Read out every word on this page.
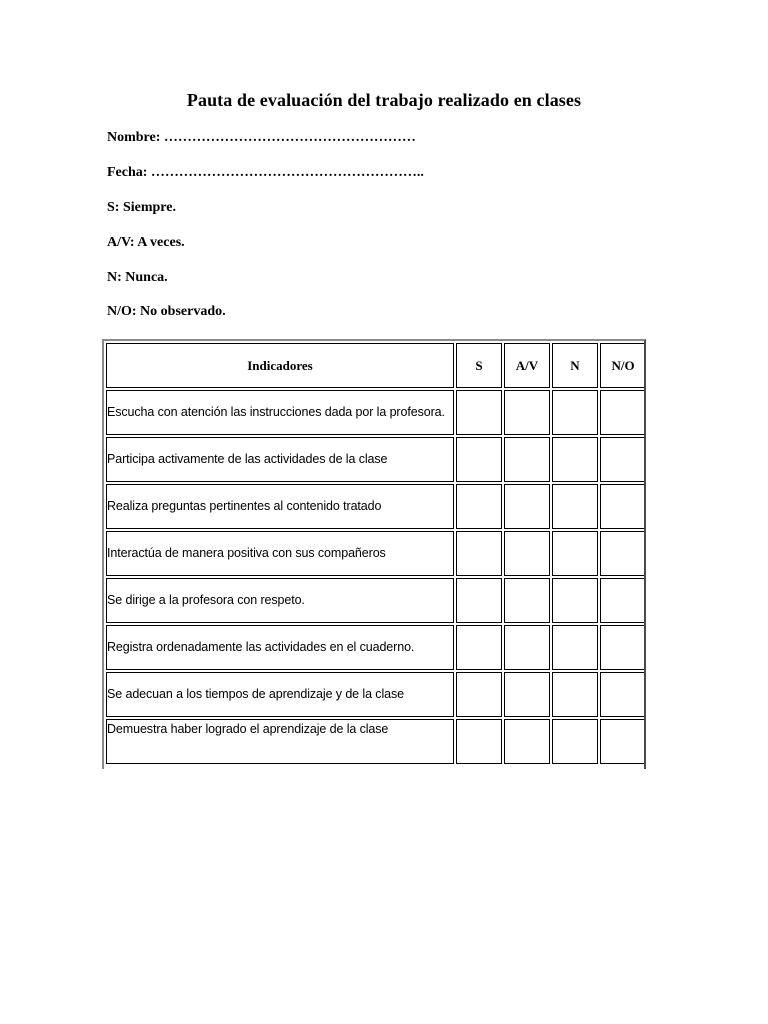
Pauta de evaluación del trabajo realizado en clases
Nombre: ………………………………………………
Fecha: …………………………………………………..
S: Siempre.
A/V: A veces.
N: Nunca.
N/O: No observado.
Indicadores	S	A/V	N	N/O
Escucha con atención las instrucciones dada por la profesora.				
Participa activamente de las actividades de la clase				
Realiza preguntas pertinentes al contenido tratado				
Interactúa de manera positiva con sus compañeros				
Se dirige a la profesora con respeto.				
Registra ordenadamente las actividades en el cuaderno.				
Se adecuan a los tiempos de aprendizaje y de la clase				
Demuestra haber logrado el aprendizaje de la clase				
